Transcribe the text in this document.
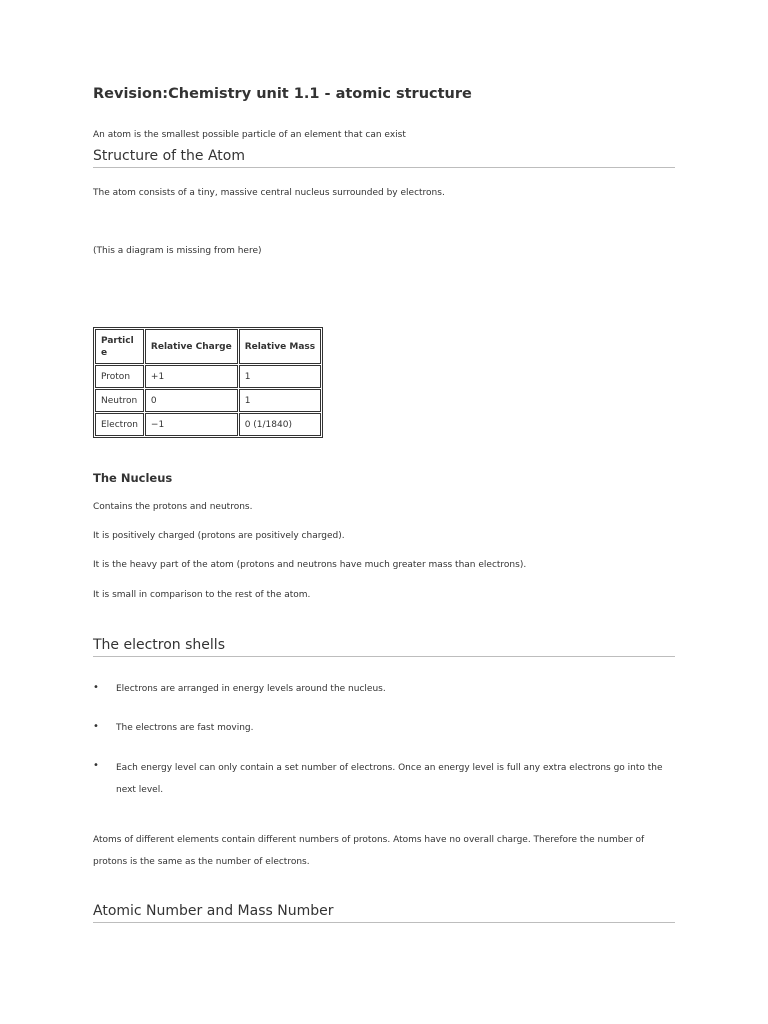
Revision:Chemistry unit 1.1 - atomic structure

An atom is the smallest possible particle of an element that can exist

Structure of the Atom

The atom consists of a tiny, massive central nucleus surrounded by electrons.

(This a diagram is missing from here)

Particle	Relative Charge	Relative Mass
Proton	+1	1
Neutron	0	1
Electron	−1	0 (1/1840)
The Nucleus

Contains the protons and neutrons.

It is positively charged (protons are positively charged).

It is the heavy part of the atom (protons and neutrons have much greater mass than electrons).

It is small in comparison to the rest of the atom.

The electron shells
• Electrons are arranged in energy levels around the nucleus.

• The electrons are fast moving.

• Each energy level can only contain a set number of electrons. Once an energy level is full any extra electrons go into the next level.

Atoms of different elements contain different numbers of protons. Atoms have no overall charge. Therefore the number of protons is the same as the number of electrons.

Atomic Number and Mass Number
